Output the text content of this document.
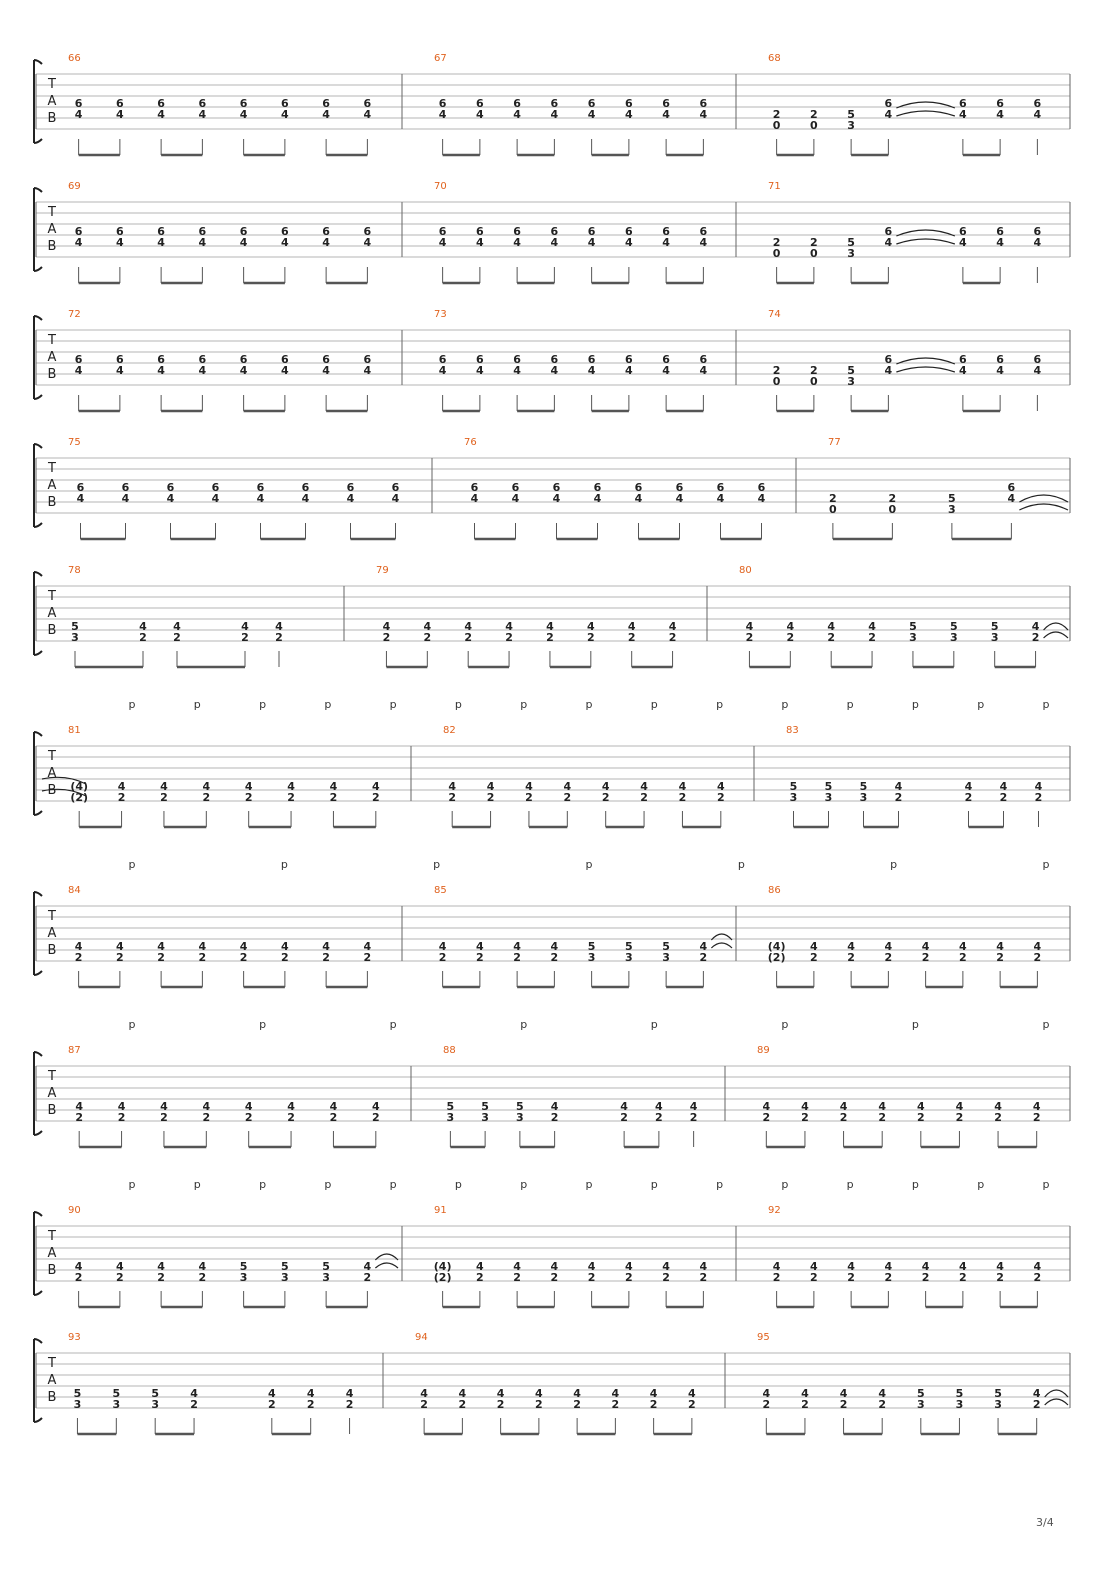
T
A
B
66
6
4
6
4
6
4
6
4
6
4
6
4
6
4
6
4
67
6
4
6
4
6
4
6
4
6
4
6
4
6
4
6
4
68
2
0
2
0
5
3
6
4
6
4
6
4
6
4
T
A
B
69
6
4
6
4
6
4
6
4
6
4
6
4
6
4
6
4
70
6
4
6
4
6
4
6
4
6
4
6
4
6
4
6
4
71
2
0
2
0
5
3
6
4
6
4
6
4
6
4
T
A
B
72
6
4
6
4
6
4
6
4
6
4
6
4
6
4
6
4
73
6
4
6
4
6
4
6
4
6
4
6
4
6
4
6
4
74
2
0
2
0
5
3
6
4
6
4
6
4
6
4
T
A
B
75
6
4
6
4
6
4
6
4
6
4
6
4
6
4
6
4
76
6
4
6
4
6
4
6
4
6
4
6
4
6
4
6
4
77
2
0
2
0
5
3
6
4
T
A
B
78
5
3
4
2
4
2
4
2
4
2
79
4
2
4
2
4
2
4
2
4
2
4
2
4
2
4
2
80
4
2
4
2
4
2
4
2
5
3
5
3
5
3
4
2
T
A
B
p	p	p	p	p	p	p	p	p	p	p	p	p	p	p
81
(4)
(2)
4
2
4
2
4
2
4
2
4
2
4
2
4
2
82
4
2
4
2
4
2
4
2
4
2
4
2
4
2
4
2
83
5
3
5
3
5
3
4
2
4
2
4
2
4
2
T
A
B
p	p	p	p	p	p	p
84
4
2
4
2
4
2
4
2
4
2
4
2
4
2
4
2
85
4
2
4
2
4
2
4
2
5
3
5
3
5
3
4
2
86
(4)
(2)
4
2
4
2
4
2
4
2
4
2
4
2
4
2
T
A
B
p	p	p	p	p	p	p	p
87
4
2
4
2
4
2
4
2
4
2
4
2
4
2
4
2
88
5
3
5
3
5
3
4
2
4
2
4
2
4
2
89
4
2
4
2
4
2
4
2
4
2
4
2
4
2
4
2
T
A
B
p	p	p	p	p	p	p	p	p	p	p	p	p	p	p
90
4
2
4
2
4
2
4
2
5
3
5
3
5
3
4
2
91
(4)
(2)
4
2
4
2
4
2
4
2
4
2
4
2
4
2
92
4
2
4
2
4
2
4
2
4
2
4
2
4
2
4
2
T
A
B
93
5
3
5
3
5
3
4
2
4
2
4
2
4
2
94
4
2
4
2
4
2
4
2
4
2
4
2
4
2
4
2
95
4
2
4
2
4
2
4
2
5
3
5
3
5
3
4
2
3/4
